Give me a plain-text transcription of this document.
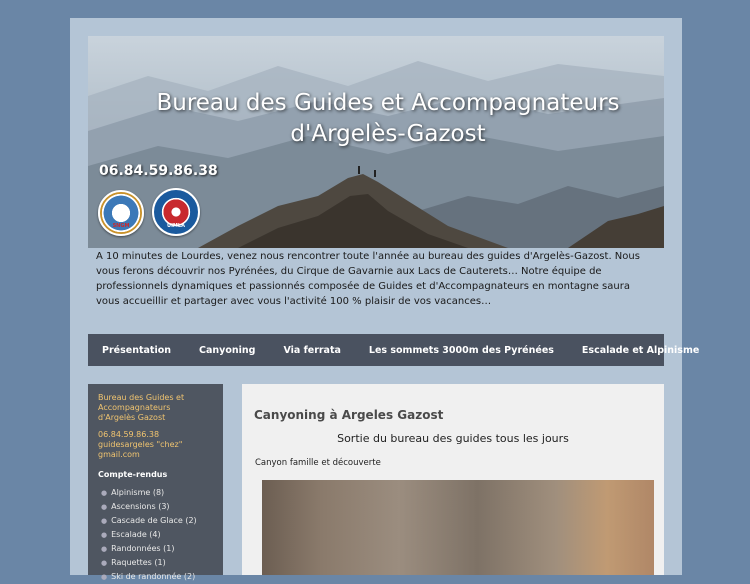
Bureau des Guides et Accompagnateurs
d'Argelès-Gazost
06.84.59.86.38
SNGM	UIMLA
A 10 minutes de Lourdes, venez nous rencontrer toute l'année au bureau des guides d'Argelès-Gazost. Nous vous ferons découvrir nos Pyrénées, du Cirque de Gavarnie aux Lacs de Cauterets… Notre équipe de professionnels dynamiques et passionnés composée de Guides et d'Accompagnateurs en montagne saura vous accueillir et partager avec vous l'activité 100 % plaisir de vos vacances…
Présentation	Canyoning	Via ferrata	Les sommets 3000m des Pyrénées	Escalade et Alpinisme
Bureau des Guides et
Accompagnateurs
d'Argelès Gazost
06.84.59.86.38
guidesargeles "chez" gmail.com
Compte-rendus
● Alpinisme (8)
● Ascensions (3)
● Cascade de Glace (2)
● Escalade (4)
● Randonnées (1)
● Raquettes (1)
● Ski de randonnée (2)
Canyoning à Argeles Gazost
Sortie du bureau des guides tous les jours
Canyon famille et découverte
